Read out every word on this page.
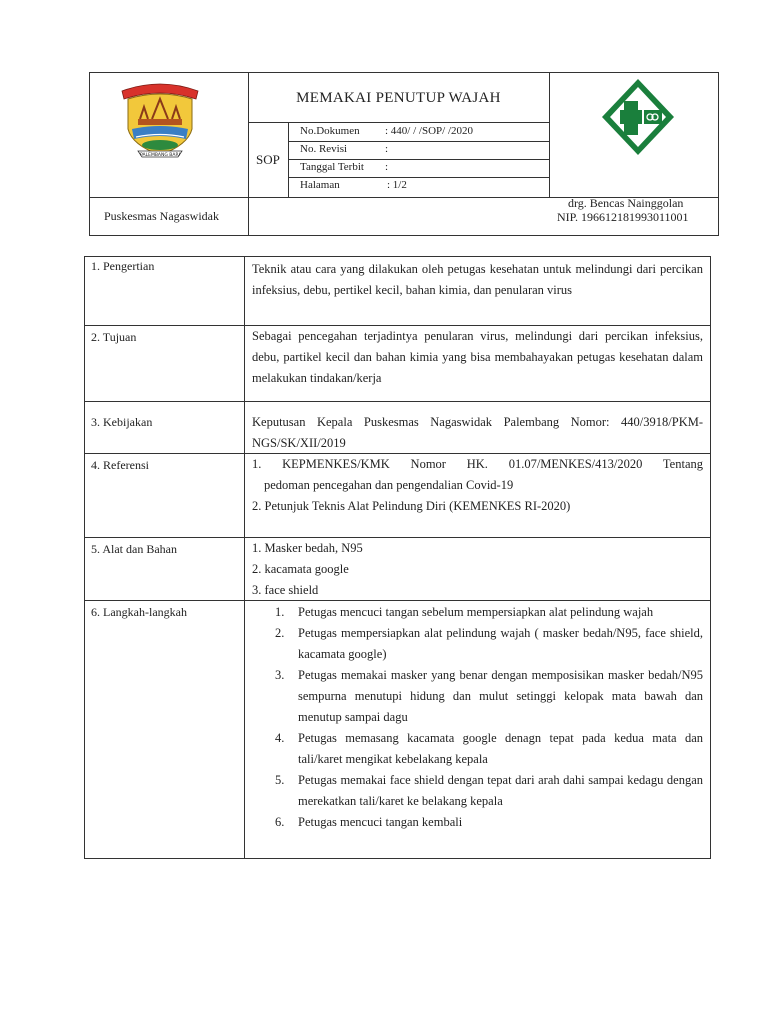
PALEMBANG BARI
MEMAKAI PENUTUP WAJAH
SOP
No.Dokumen : 440/ / /SOP/ /2020
No. Revisi	:
Tanggal Terbit :
Halaman	: 1/2
Puskesmas Nagaswidak
drg. Bencas Nainggolan
NIP. 196612181993011001
1. Pengertian	Teknik atau cara yang dilakukan oleh petugas kesehatan untuk melindungi dari percikan infeksius, debu, pertikel kecil, bahan kimia, dan penularan virus
2. Tujuan	Sebagai pencegahan terjadintya penularan virus, melindungi dari percikan infeksius, debu, partikel kecil dan bahan kimia yang bisa membahayakan petugas kesehatan dalam melakukan tindakan/kerja
3. Kebijakan	Keputusan Kepala Puskesmas Nagaswidak Palembang Nomor: 440/3918/PKM-NGS/SK/XII/2019
4. Referensi	1. KEPMENKES/KMK Nomor HK. 01.07/MENKES/413/2020 Tentang
pedoman pencegahan dan pengendalian Covid-19
2. Petunjuk Teknis Alat Pelindung Diri (KEMENKES RI-2020)
5. Alat dan Bahan	1. Masker bedah, N95
2. kacamata google
3. face shield
6. Langkah-langkah	1. Petugas mencuci tangan sebelum mempersiapkan alat pelindung wajah
2. Petugas mempersiapkan alat pelindung wajah ( masker bedah/N95, face shield, kacamata google)
3. Petugas memakai masker yang benar dengan memposisikan masker bedah/N95 sempurna menutupi hidung dan mulut setinggi kelopak mata bawah dan menutup sampai dagu
4. Petugas memasang kacamata google denagn tepat pada kedua mata dan tali/karet mengikat kebelakang kepala
5. Petugas memakai face shield dengan tepat dari arah dahi sampai kedagu dengan merekatkan tali/karet ke belakang kepala
6. Petugas mencuci tangan kembali
